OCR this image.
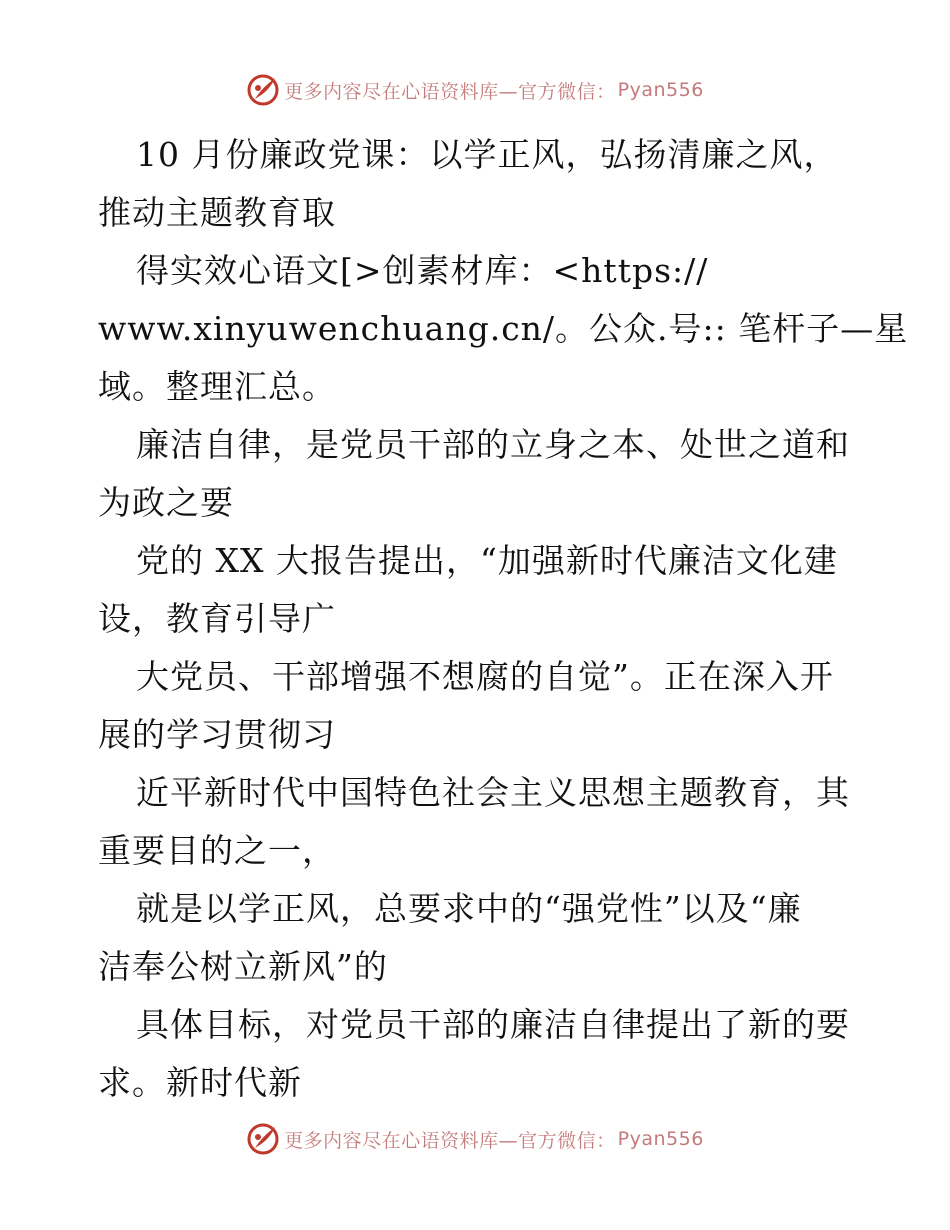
更多内容尽在心语资料库—官方微信： Pyan556
10 月份廉政党课：以学正风，弘扬清廉之风，
推动主题教育取
得实效心语文[>创素材库：<https://
www.xinyuwenchuang.cn/。公众.号:: 笔杆子—星
域。整理汇总。
廉洁自律，是党员干部的立身之本、处世之道和
为政之要
党的 XX 大报告提出，“加强新时代廉洁文化建
设，教育引导广
大党员、干部增强不想腐的自觉”。正在深入开
展的学习贯彻习
近平新时代中国特色社会主义思想主题教育，其
重要目的之一，
就是以学正风，总要求中的“强党性”以及“廉
洁奉公树立新风”的
具体目标，对党员干部的廉洁自律提出了新的要
求。新时代新
更多内容尽在心语资料库—官方微信： Pyan556
